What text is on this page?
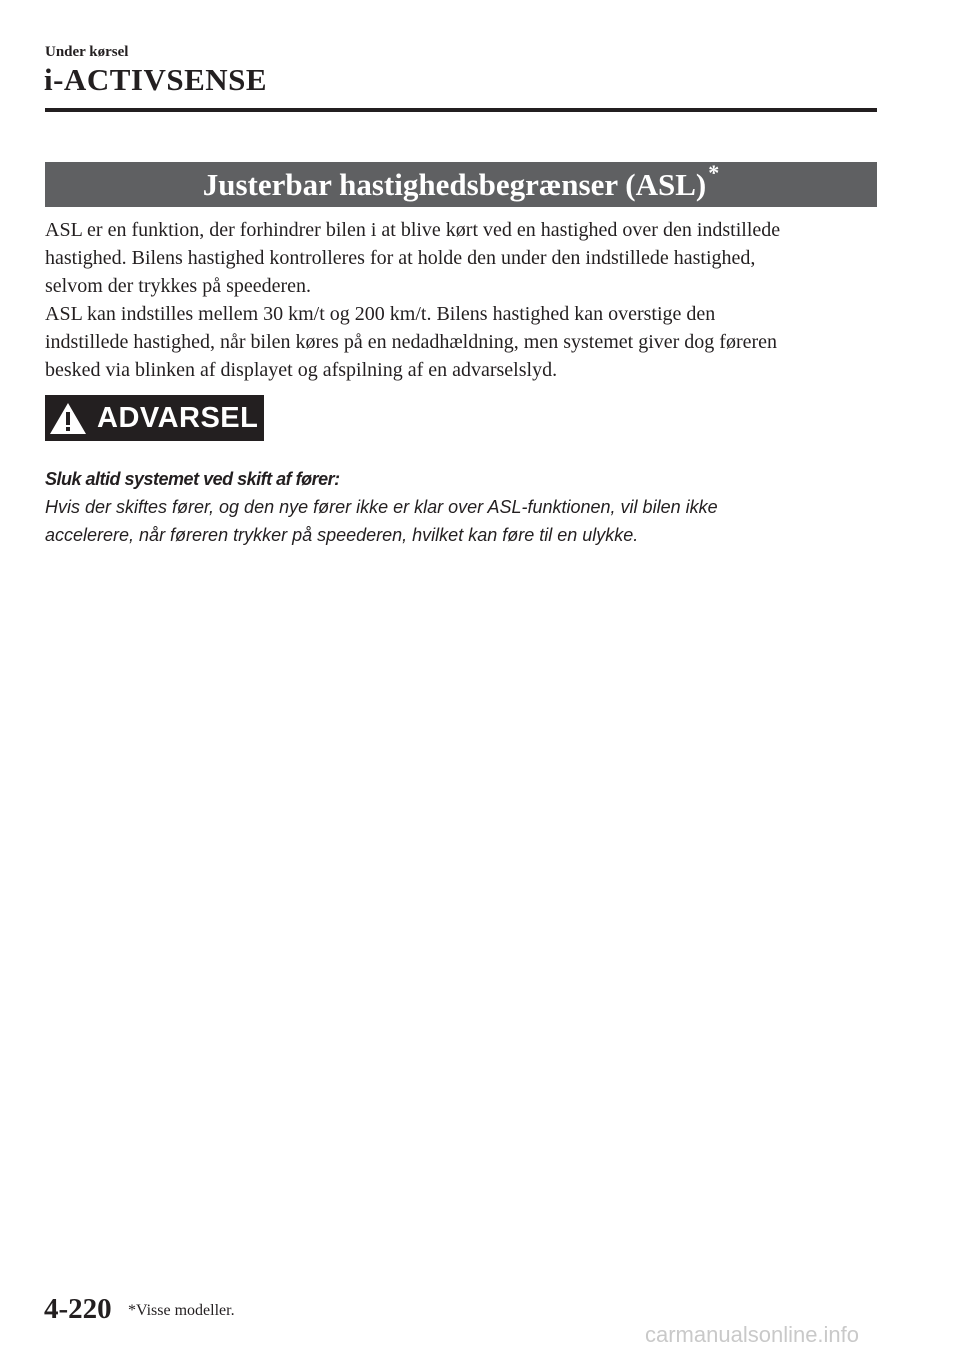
Under kørsel
i-ACTIVSENSE
Justerbar hastighedsbegrænser (ASL) *

ASL er en funktion, der forhindrer bilen i at blive kørt ved en hastighed over den indstillede

hastighed. Bilens hastighed kontrolleres for at holde den under den indstillede hastighed,

selvom der trykkes på speederen.

ASL kan indstilles mellem 30 km/t og 200 km/t. Bilens hastighed kan overstige den

indstillede hastighed, når bilen køres på en nedadhældning, men systemet giver dog føreren

besked via blinken af displayet og afspilning af en advarselslyd.

ADVARSEL
Sluk altid systemet ved skift af fører:

Hvis der skiftes fører, og den nye fører ikke er klar over ASL-funktionen, vil bilen ikke

accelerere, når føreren trykker på speederen, hvilket kan føre til en ulykke.

4-220 *Visse modeller.
carmanualsonline.info
